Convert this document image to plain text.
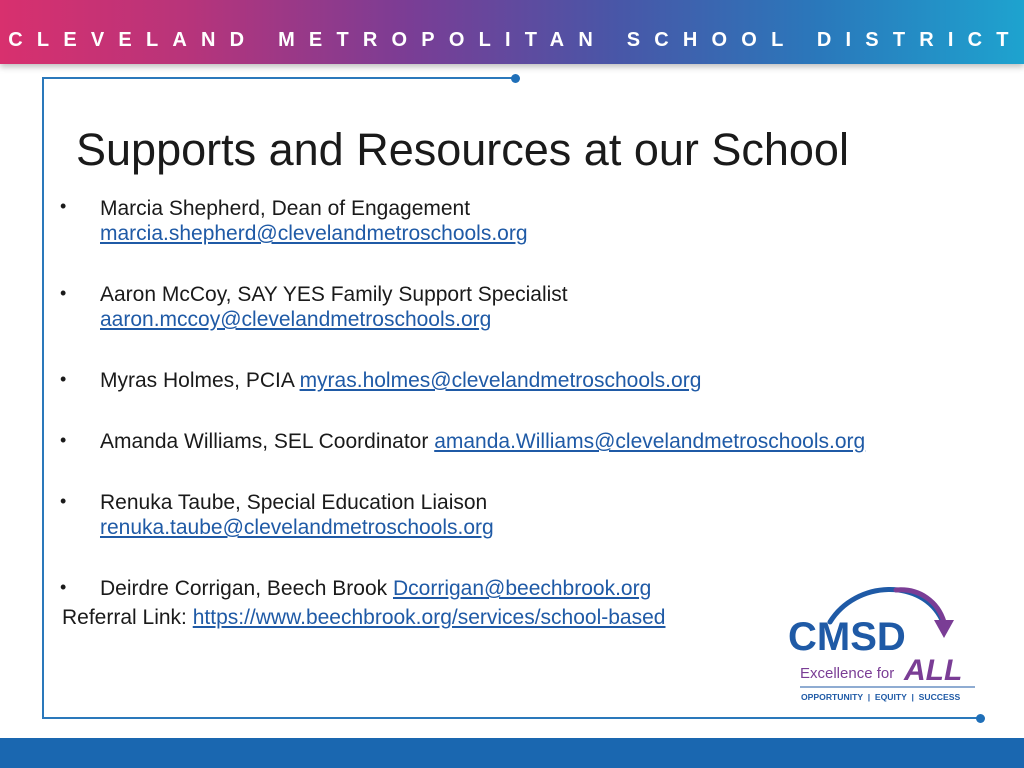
CLEVELAND METROPOLITAN SCHOOL DISTRICT
Supports and Resources at our School
• Marcia Shepherd, Dean of Engagement
marcia.shepherd@clevelandmetroschools.org
• Aaron McCoy, SAY YES Family Support Specialist
aaron.mccoy@clevelandmetroschools.org
• Myras Holmes, PCIA myras.holmes@clevelandmetroschools.org
• Amanda Williams, SEL Coordinator amanda.Williams@clevelandmetroschools.org
• Renuka Taube, Special Education Liaison
renuka.taube@clevelandmetroschools.org
• Deirdre Corrigan, Beech Brook Dcorrigan@beechbrook.org
Referral Link: https://www.beechbrook.org/services/school-based	CMSD
Excellence for ALL
OPPORTUNITY  |  EQUITY  |  SUCCESS
